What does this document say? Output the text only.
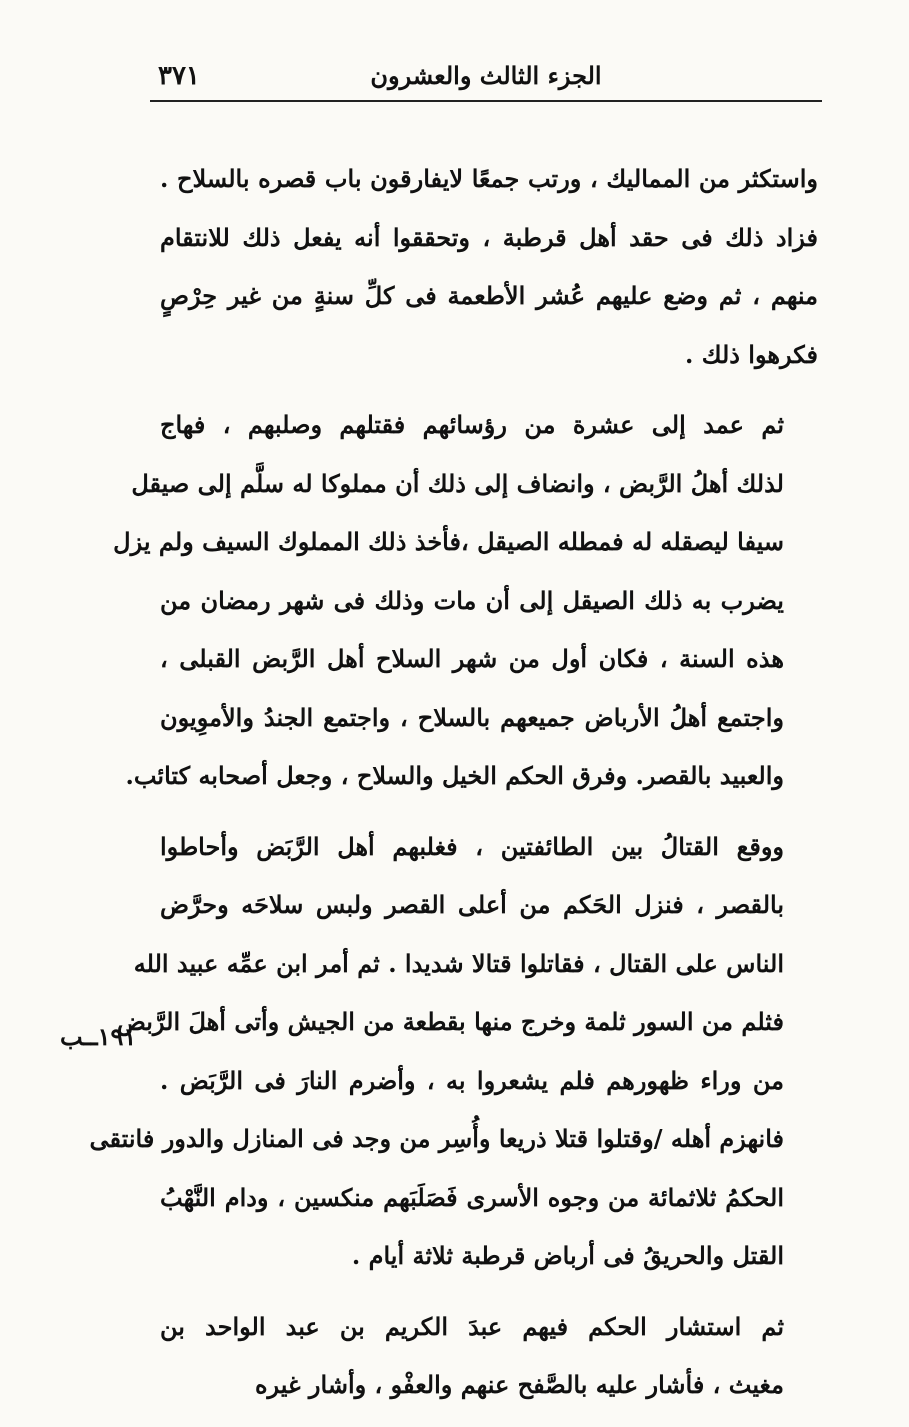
الجزء الثالث والعشرون
٣٧١
١٩١ــب
واستكثر من المماليك ، ورتب جمعًا لايفارقون باب قصره بالسلاح .
فزاد ذلك فى حقد أهل قرطبة ، وتحققوا أنه يفعل ذلك للانتقام
منهم ، ثم وضع عليهم عُشر الأطعمة فى كلِّ سنةٍ من غير حِرْصٍ
فكرهوا ذلك .
ثم عمد إلى عشرة من رؤسائهم فقتلهم وصلبهم ، فهاج
لذلك أهلُ الرَّبض ، وانضاف إلى ذلك أن مملوكا له سلَّم إلى صيقل
سيفا ليصقله له فمطله الصيقل ،فأخذ ذلك المملوك السيف ولم يزل
يضرب به ذلك الصيقل إلى أن مات وذلك فى شهر رمضان من
هذه السنة ، فكان أول من شهر السلاح أهل الرَّبض القبلى ،
واجتمع أهلُ الأرباض جميعهم بالسلاح ، واجتمع الجندُ والأموِيون
والعبيد بالقصر. وفرق الحكم الخيل والسلاح ، وجعل أصحابه كتائب.
ووقع القتالُ بين الطائفتين ، فغلبهم أهل الرَّبَض وأحاطوا
بالقصر ، فنزل الحَكم من أعلى القصر ولبس سلاحَه وحرَّض
الناس على القتال ، فقاتلوا قتالا شديدا . ثم أمر ابن عمِّه عبيد الله
فثلم من السور ثلمة وخرج منها بقطعة من الجيش وأتى أهلَ الرَّبض
من وراء ظهورهم فلم يشعروا به ، وأضرم النارَ فى الرَّبَض .
فانهزم أهله /وقتلوا قتلا ذريعا وأُسِر من وجد فى المنازل والدور فانتقى
الحكمُ ثلاثمائة من وجوه الأسرى فَصَلَبَهم منكسين ، ودام النَّهْبُ
القتل والحريقُ فى أرباض قرطبة ثلاثة أيام .
ثم استشار الحكم فيهم عبدَ الكريم بن عبد الواحد بن
مغيث ، فأشار عليه بالصَّفح عنهم والعفْو ، وأشار غيره
